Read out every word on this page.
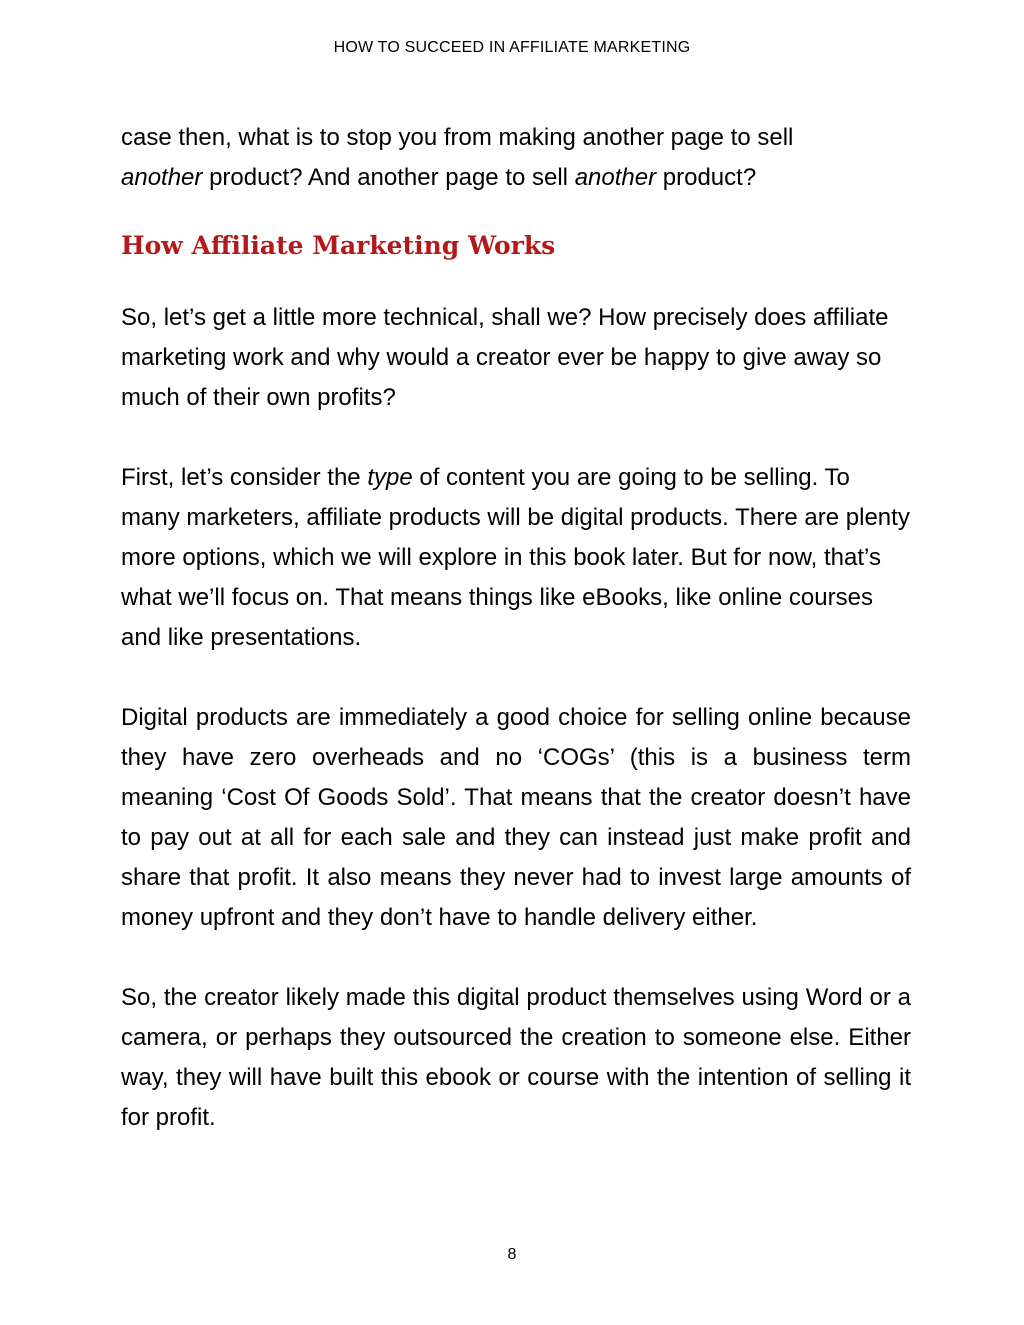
HOW TO SUCCEED IN AFFILIATE MARKETING

case then, what is to stop you from making another page to sell
another product? And another page to sell another product?

How Affiliate Marketing Works

So, let’s get a little more technical, shall we? How precisely does affiliate marketing work and why would a creator ever be happy to give away so much of their own profits?

First, let’s consider the type of content you are going to be selling. To many marketers, affiliate products will be digital products. There are plenty more options, which we will explore in this book later. But for now, that’s what we’ll focus on. That means things like eBooks, like online courses and like presentations.

Digital products are immediately a good choice for selling online because they have zero overheads and no ‘COGs’ (this is a business term meaning ‘Cost Of Goods Sold’. That means that the creator doesn’t have to pay out at all for each sale and they can instead just make profit and share that profit. It also means they never had to invest large amounts of money upfront and they don’t have to handle delivery either.

So, the creator likely made this digital product themselves using Word or a camera, or perhaps they outsourced the creation to someone else. Either way, they will have built this ebook or course with the intention of selling it for profit.

8
